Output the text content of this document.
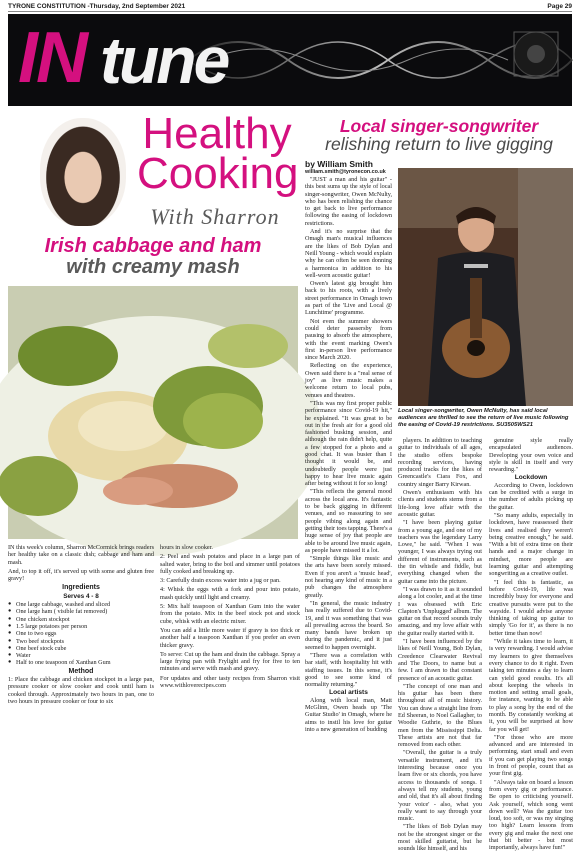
TYRONE CONSTITUTION -Thursday, 2nd September 2021	Page 29
IN tune
Healthy Cooking
With Sharron
Irish cabbage and ham
with creamy mash

IN this week's column, Sharron McCormick brings readers her healthy take on a classic dish; cabbage and ham and mash.

And, to top it off, it's served up with some and gluten free gravy!

Ingredients
Serves 4 - 8
● One large cabbage, washed and sliced
● One large ham ( visible fat removed)
● One chicken stockpot
● 1.5 large potatoes per person
● One to two eggs
● Two beef stockpots
● One beef stock cube
● Water
● Half to one teaspoon of Xanthan Gum
Method

1: Place the cabbage and chicken stockpot in a large pan, pressure cooker or slow cooker and cook until ham is cooked through. Approximately two hours in pan, one to two hours in pressure cooker or four to six

hours in slow cooker.

2: Peel and wash potatos and place in a large pan of salted water, bring to the boil and simmer until potatoes fully cooked and breaking up.

3: Carefully drain excess water into a jug or pan.

4: Whisk the eggs with a fork and pour into potato, mash quickly until light and creamy.

5: Mix half teaspoon of Xanthan Gum into the water from the potato. Mix in the beef stock pot and stock cube, whisk with an electric mixer.

You can add a little more water if gravy is too thick or another half a teaspoon Xanthan if you prefer an even thicker gravy.

To serve: Cut up the ham and drain the cabbage. Spray a large frying pan with Frylight and fry for five to ten minutes and serve with mash and gravy.

For updates and other tasty recipes from Sharron visit www.withloverecipes.com

Local singer-songwriter
relishing return to live gigging
by William Smith
william.smith@tyronecon.co.uk

"JUST a man and his guitar" - this best sums up the style of local singer-songwriter, Owen McNulty, who has been relishing the chance to get back to live performance following the easing of lockdown restrictions.

And it's no surprise that the Omagh man's musical influences are the likes of Bob Dylan and Neill Young - which would explain why he can often be seen donning a harmonica in addition to his well-worn acoustic guitar!

Owen's latest gig brought him back to his roots, with a lively street performance in Omagh town as part of the 'Live and Local @ Lunchtime' programme.

Not even the summer showers could deter passersby from pausing to absorb the atmosphere, with the event marking Owen's first in-person live performance since March 2020.

Reflecting on the experience, Owen said there is a "real sense of joy" as live music makes a welcome return to local pubs, venues and theatres.

"This was my first proper public performance since Covid-19 hit," he explained. "It was great to be out in the fresh air for a good old fashioned busking session, and although the rain didn't help, quite a few stopped for a photo and a good chat. It was busier than I thought it would be, and undoubtedly people were just happy to hear live music again after being without it for so long!

"This reflects the general mood across the local area. It's fantastic to be back gigging in different venues, and so reassuring to see people vibing along again and getting their toes tapping. There's a huge sense of joy that people are able to be around live music again, as people have missed it a lot.

"Simple things like music and the arts have been sorely missed. Even if you aren't a 'music head', not hearing any kind of music in a pub changes the atmosphere greatly.

"In general, the music industry has really suffered due to Covid-19, and it was something that was all prevailing across the board. So many bands have broken up during the pandemic, and it just seemed to happen overnight.

"There was a correlation with bar staff, with hospitality hit with staffing issues. In this sense, it's good to see some kind of normality returning."

Local artists

Along with local man, Matt McGlinn, Owen heads up 'The Guitar Studio' in Omagh, where he aims to instil his love for guitar into a new generation of budding

Local singer-songwriter, Owen McNulty, has said local audiences are thrilled to see the return of live music following the easing of Covid-19 restrictions. SU3505WS21

players. In addition to teaching guitar to individuals of all ages, the studio offers bespoke recording services, having produced tracks for the likes of Greencastle's Ciara Fox, and country singer Barry Kirwan.

Owen's enthusiasm with his clients and students stems from a life-long love affair with the acoustic guitar.

"I have been playing guitar from a young age, and one of my teachers was the legendary Larry Lowe," he said. "When I was younger, I was always trying out different of instruments, such as the tin whistle and fiddle, but everything changed when the guitar came into the picture.

"I was drawn to it as it sounded along a lot cooler, and at the time I was obsessed with Eric Clapton's 'Unplugged' album. The guitar on that record sounds truly amazing, and my love affair with the guitar really started with it.

"I have been influenced by the likes of Neill Young, Bob Dylan, Creedence Clearwater Revival and The Doors, to name but a few. I am drawn to that constant presence of an acoustic guitar.

"The concept of one man and his guitar has been there throughout all of music history. You can draw a straight line from Ed Sheeran, to Noel Gallagher, to Woodie Guthrie, to the Blues men from the Mississippi Delta. These artists are not that far removed from each other.

"Overall, the guitar is a truly versatile instrument, and it's interesting because once you learn five or six chords, you have access to thousands of songs. I always tell my students, young and old, that it's all about finding 'your voice' - also, what you really want to say through your music.

"The likes of Bob Dylan may not be the strongest singer or the most skilled guitarist, but he sounds like himself, and his

genuine style really encapsulated audiences. Developing your own voice and style is skill in itself and very rewarding."

Lockdown

According to Owen, lockdown can be credited with a surge in the number of adults picking up the guitar.

"So many adults, especially in lockdown, have reassessed their lives and realised they weren't being creative enough," he said. "With a bit of extra time on their hands and a major change in mindset, more people are learning guitar and attempting songwriting as a creative outlet.

"I feel this is fantastic, as before Covid-19, life was incredibly busy for everyone and creative pursuits were put to the wayside. I would advise anyone thinking of taking up guitar to simply 'Go for it', as there is no better time than now!

"While it takes time to learn, it is very rewarding. I would advise my learners to give themselves every chance to do it right. Even taking ten minutes a day to learn can yield good results. It's all about keeping the wheels in motion and setting small goals, for instance, wanting to be able to play a song by the end of the month. By constantly working at it, you will be surprised at how far you will get!

"For those who are more advanced and are interested in performing, start small and even if you can get playing two songs in front of people, count that as your first gig.

"Always take on board a lesson from every gig or performance. Be open to criticising yourself. Ask yourself, which song went down well? Was the guitar too loud, too soft, or was my singing too high? Learn lessons from every gig and make the next one that bit better - but most importantly, always have fun!"
